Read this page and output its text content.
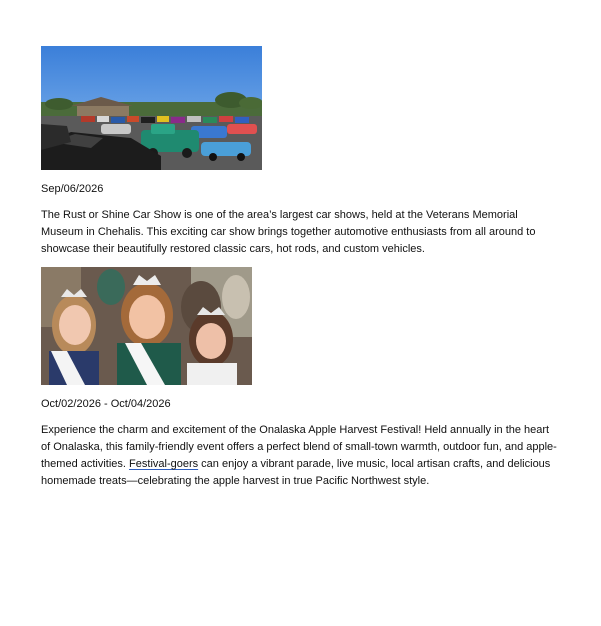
Sep/06/2026
The Rust or Shine Car Show is one of the area’s largest car shows, held at the Veterans Memorial Museum in Chehalis. This exciting car show brings together automotive enthusiasts from all around to showcase their beautifully restored classic cars, hot rods, and custom vehicles.
Oct/02/2026 - Oct/04/2026
Experience the charm and excitement of the Onalaska Apple Harvest Festival! Held annually in the heart of Onalaska, this family-friendly event offers a perfect blend of small-town warmth, outdoor fun, and apple-themed activities. Festival-goers can enjoy a vibrant parade, live music, local artisan crafts, and delicious homemade treats—celebrating the apple harvest in true Pacific Northwest style.
